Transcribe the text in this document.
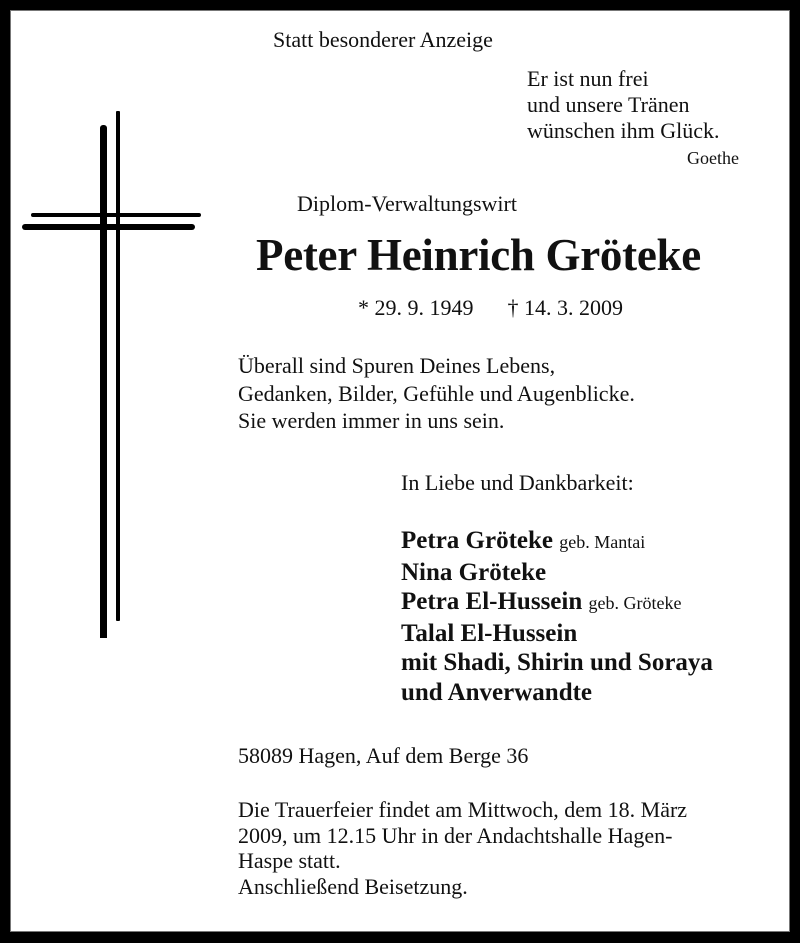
Statt besonderer Anzeige
Er ist nun frei
und unsere Tränen
wünschen ihm Glück.
Goethe
Diplom-Verwaltungswirt
Peter Heinrich Gröteke
* 29. 9. 1949 † 14. 3. 2009
Überall sind Spuren Deines Lebens,
Gedanken, Bilder, Gefühle und Augenblicke.
Sie werden immer in uns sein.
In Liebe und Dankbarkeit:
Petra Gröteke geb. Mantai
Nina Gröteke
Petra El-Hussein geb. Gröteke
Talal El-Hussein
mit Shadi, Shirin und Soraya
und Anverwandte
58089 Hagen, Auf dem Berge 36
Die Trauerfeier findet am Mittwoch, dem 18. März
2009, um 12.15 Uhr in der Andachtshalle Hagen-
Haspe statt.
Anschließend Beisetzung.
